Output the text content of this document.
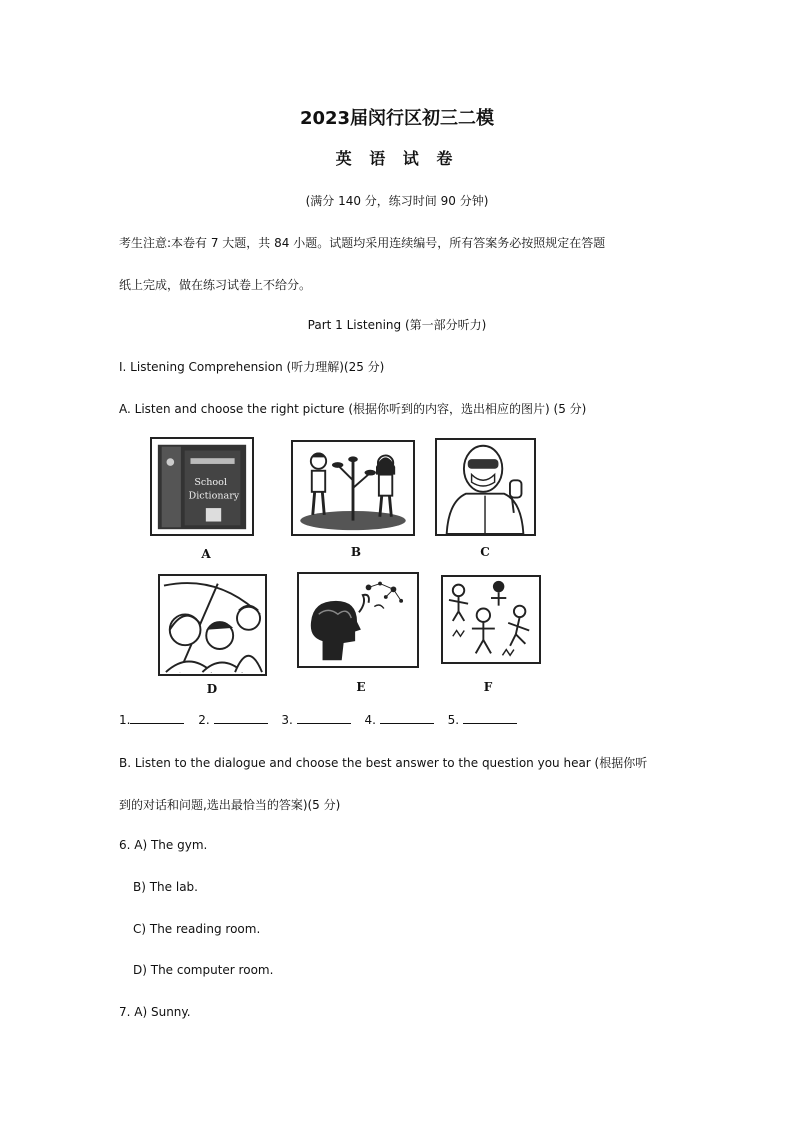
2023届闵行区初三二模
英 语 试 卷
(满分 140 分，练习时间 90 分钟)
考生注意:本卷有 7 大题，共 84 小题。试题均采用连续编号，所有答案务必按照规定在答题
纸上完成，做在练习试卷上不给分。
Part 1 Listening (第一部分听力)
I. Listening Comprehension (听力理解)(25 分)
A. Listen and choose the right picture (根据你听到的内容，选出相应的图片) (5 分)
School
Dictionary
A	B	C
D	E	F
1.	2.	3.	4.	5.
B. Listen to the dialogue and choose the best answer to the question you hear (根据你听
到的对话和问题,选出最恰当的答案)(5 分)
6. A) The gym.
B) The lab.
C) The reading room.
D) The computer room.
7. A) Sunny.
